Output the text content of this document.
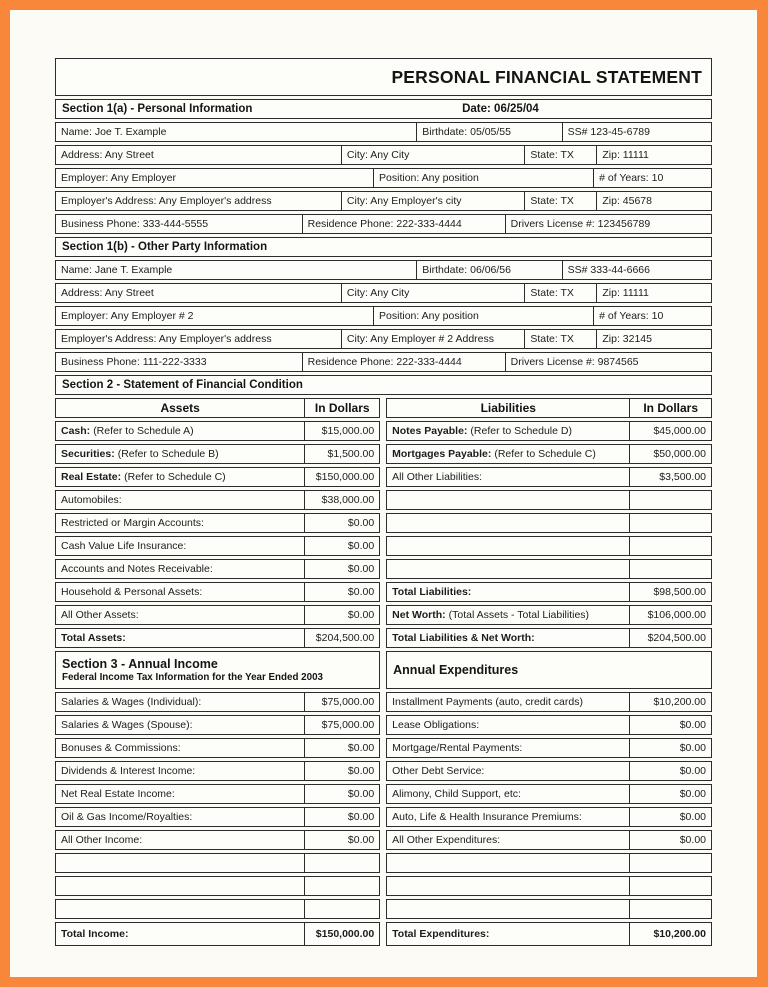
PERSONAL FINANCIAL STATEMENT
Section 1(a) - Personal Information	Date: 06/25/04
Name: Joe T. Example	Birthdate: 05/05/55	SS# 123-45-6789
Address: Any Street	City: Any City	State: TX	Zip: 11111
Employer: Any Employer	Position: Any position	# of Years: 10
Employer's Address: Any Employer's address	City: Any Employer's city	State: TX	Zip: 45678
Business Phone: 333-444-5555	Residence Phone: 222-333-4444	Drivers License #: 123456789
Section 1(b) - Other Party Information
Name: Jane T. Example	Birthdate: 06/06/56	SS# 333-44-6666
Address: Any Street	City: Any City	State: TX	Zip: 11111
Employer: Any Employer # 2	Position: Any position	# of Years: 10
Employer's Address: Any Employer's address	City: Any Employer # 2 Address	State: TX	Zip: 32145
Business Phone: 111-222-3333	Residence Phone: 222-333-4444	Drivers License #: 9874565
Section 2 - Statement of Financial Condition
Assets	In Dollars	Liabilities	In Dollars
Cash: (Refer to Schedule A)	$15,000.00	Notes Payable: (Refer to Schedule D)	$45,000.00
Securities: (Refer to Schedule B)	$1,500.00	Mortgages Payable: (Refer to Schedule C)	$50,000.00
Real Estate: (Refer to Schedule C)	$150,000.00	All Other Liabilities:	$3,500.00
Automobiles:	$38,000.00
Restricted or Margin Accounts:	$0.00
Cash Value Life Insurance:	$0.00
Accounts and Notes Receivable:	$0.00
Household & Personal Assets:	$0.00	Total Liabilities:	$98,500.00
All Other Assets:	$0.00	Net Worth: (Total Assets - Total Liabilities)	$106,000.00
Total Assets:	$204,500.00	Total Liabilities & Net Worth:	$204,500.00
Section 3 - Annual Income
Federal Income Tax Information for the Year Ended 2003
Annual Expenditures
Salaries & Wages (Individual):	$75,000.00	Installment Payments (auto, credit cards)	$10,200.00
Salaries & Wages (Spouse):	$75,000.00	Lease Obligations:	$0.00
Bonuses & Commissions:	$0.00	Mortgage/Rental Payments:	$0.00
Dividends & Interest Income:	$0.00	Other Debt Service:	$0.00
Net Real Estate Income:	$0.00	Alimony, Child Support, etc:	$0.00
Oil & Gas Income/Royalties:	$0.00	Auto, Life & Health Insurance Premiums:	$0.00
All Other Income:	$0.00	All Other Expenditures:	$0.00
Total Income:	$150,000.00	Total Expenditures:	$10,200.00
